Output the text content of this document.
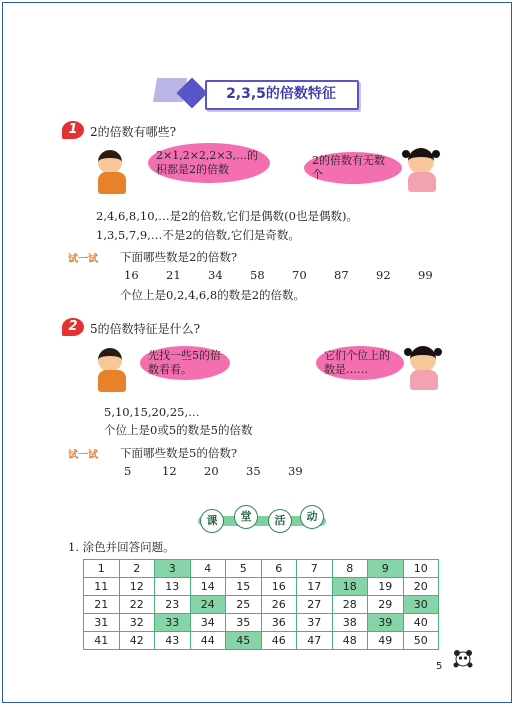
2,3,5的倍数特征
1	2的倍数有哪些?
2×1,2×2,2×3,…的积都是2的倍数
2的倍数有无数个
2,4,6,8,10,…是2的倍数,它们是偶数(0也是偶数)。
1,3,5,7,9,…不是2的倍数,它们是奇数。
试一试	下面哪些数是2的倍数?
16	21	34	58	70	87	92	99
个位上是0,2,4,6,8的数是2的倍数。
2	5的倍数特征是什么?
先找一些5的倍数看看。
它们个位上的数是……
5,10,15,20,25,…
个位上是0或5的数是5的倍数
试一试	下面哪些数是5的倍数?
5	12	20	35	39
课	堂	活	动
1. 涂色并回答问题。
1	2	3	4	5	6	7	8	9	10
11	12	13	14	15	16	17	18	19	20
21	22	23	24	25	26	27	28	29	30
31	32	33	34	35	36	37	38	39	40
41	42	43	44	45	46	47	48	49	50
5
